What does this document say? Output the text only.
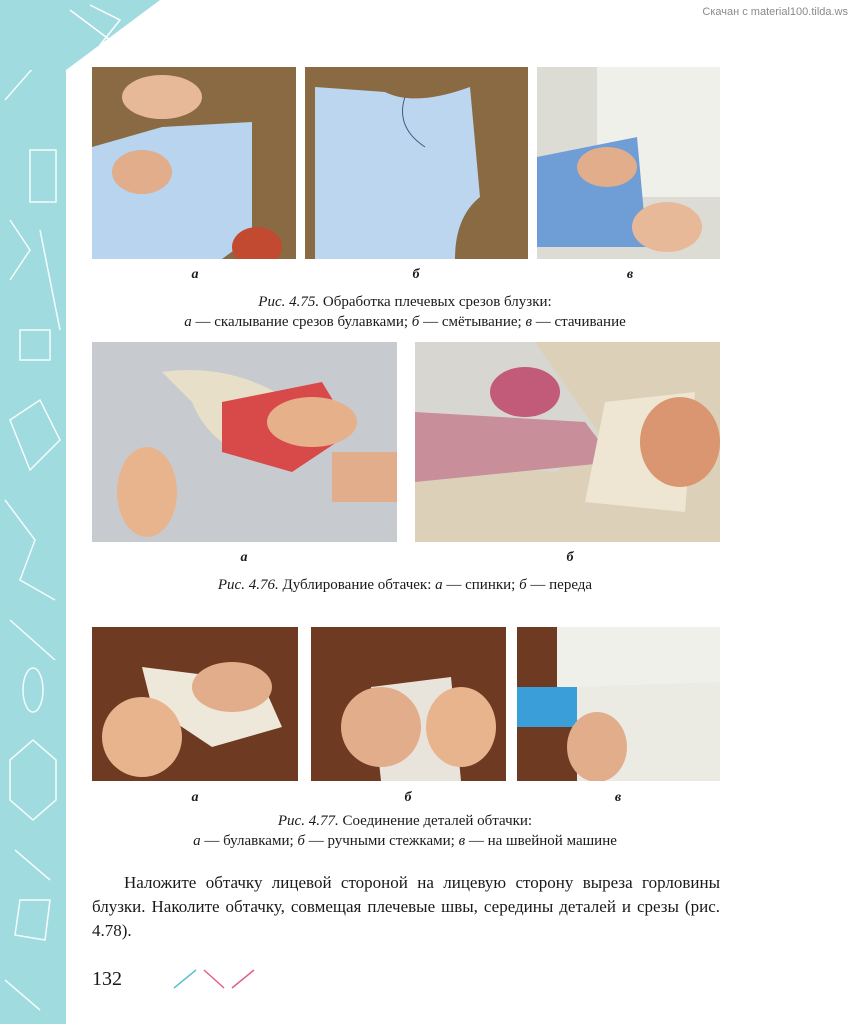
Скачан с material100.tilda.ws
а	б	в
Рис. 4.75. Обработка плечевых срезов блузки:
а — скалывание срезов булавками; б — смётывание; в — стачивание
а	б
Рис. 4.76. Дублирование обтачек: а — спинки; б — переда
а	б	в
Рис. 4.77. Соединение деталей обтачки:
а — булавками; б — ручными стежками; в — на швейной машине

Наложите обтачку лицевой стороной на лицевую сторону выреза горловины блузки. Наколите обтачку, совмещая плечевые швы, середины деталей и срезы (рис. 4.78).

132
